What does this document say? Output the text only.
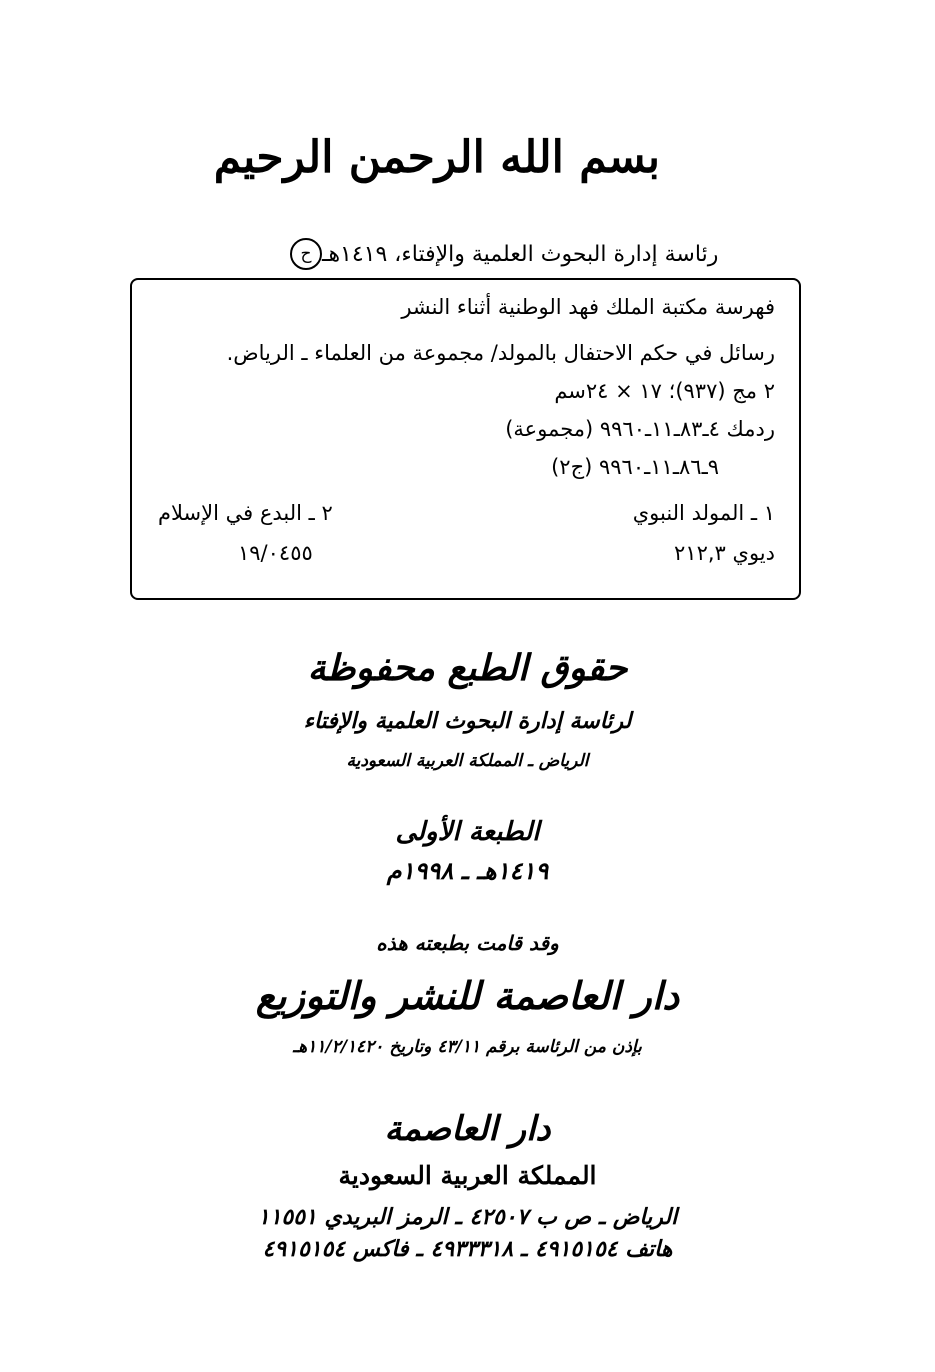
بسم الله الرحمن الرحيم
ح رئاسة إدارة البحوث العلمية والإفتاء، ١٤١٩هـ
فهرسة مكتبة الملك فهد الوطنية أثناء النشر
رسائل في حكم الاحتفال بالمولد/ مجموعة من العلماء ـ الرياض.
٢ مج (٩٣٧)؛ ١٧ × ٢٤سم
ردمك ٤ـ٨٣ـ١١ـ٩٩٦٠ (مجموعة)
٩ـ٨٦ـ١١ـ٩٩٦٠ (ج٢)
١ ـ المولد النبوي
٢ ـ البدع في الإسلام
ديوي ٢١٢,٣
١٩/٠٤٥٥
حقوق الطبع محفوظة
لرئاسة إدارة البحوث العلمية والإفتاء
الرياض ـ المملكة العربية السعودية
الطبعة الأولى
١٤١٩هـ ـ ١٩٩٨م
وقد قامت بطبعته هذه
دار العاصمة للنشر والتوزيع
بإذن من الرئاسة برقم ٤٣/١١ وتاريخ ١١/٢/١٤٢٠هـ
دار العاصمة
المملكة العربية السعودية
الرياض ـ ص ب ٤٢٥٠٧ ـ الرمز البريدي ١١٥٥١
هاتف ٤٩١٥١٥٤ ـ ٤٩٣٣٣١٨ ـ فاكس ٤٩١٥١٥٤
